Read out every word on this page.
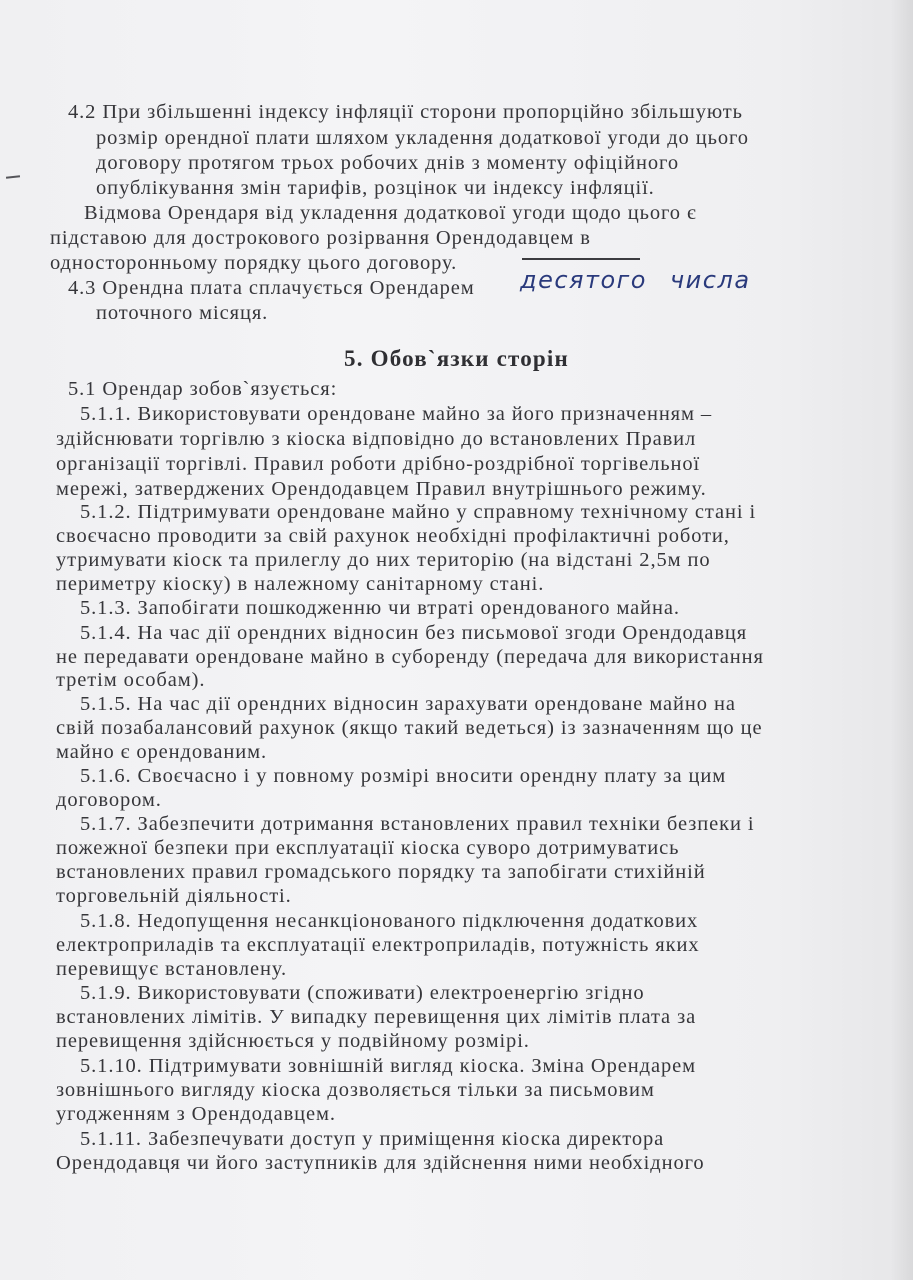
4.2 При збільшенні індексу інфляції сторони пропорційно збільшують
розмір орендної плати шляхом укладення додаткової угоди до цього
договору протягом трьох робочих днів з моменту офіційного
опублікування змін тарифів, розцінок чи індексу інфляції.
Відмова Орендаря від укладення додаткової угоди щодо цього є
підставою для дострокового розірвання Орендодавцем в
односторонньому порядку цього договору.
4.3 Орендна плата сплачується Орендарем десятого числа
поточного місяця.
5. Обов`язки сторін
5.1 Орендар зобов`язується:
5.1.1. Використовувати орендоване майно за його призначенням –
здійснювати торгівлю з кіоска відповідно до встановлених Правил
організації торгівлі. Правил роботи дрібно-роздрібної торгівельної
мережі, затверджених Орендодавцем Правил внутрішнього режиму.
5.1.2. Підтримувати орендоване майно у справному технічному стані і
своєчасно проводити за свій рахунок необхідні профілактичні роботи,
утримувати кіоск та прилеглу до них територію (на відстані 2,5м по
периметру кіоску) в належному санітарному стані.
5.1.3. Запобігати пошкодженню чи втраті орендованого майна.
5.1.4. На час дії орендних відносин без письмової згоди Орендодавця
не передавати орендоване майно в суборенду (передача для використання
третім особам).
5.1.5. На час дії орендних відносин зарахувати орендоване майно на
свій позабалансовий рахунок (якщо такий ведеться) із зазначенням що це
майно є орендованим.
5.1.6. Своєчасно і у повному розмірі вносити орендну плату за цим
договором.
5.1.7. Забезпечити дотримання встановлених правил техніки безпеки і
пожежної безпеки при експлуатації кіоска суворо дотримуватись
встановлених правил громадського порядку та запобігати стихійній
торговельній діяльності.
5.1.8. Недопущення несанкціонованого підключення додаткових
електроприладів та експлуатації електроприладів, потужність яких
перевищує встановлену.
5.1.9. Використовувати (споживати) електроенергію згідно
встановлених лімітів. У випадку перевищення цих лімітів плата за
перевищення здійснюється у подвійному розмірі.
5.1.10. Підтримувати зовнішній вигляд кіоска. Зміна Орендарем
зовнішнього вигляду кіоска дозволяється тільки за письмовим
угодженням з Орендодавцем.
5.1.11. Забезпечувати доступ у приміщення кіоска директора
Орендодавця чи його заступників для здійснення ними необхідного
